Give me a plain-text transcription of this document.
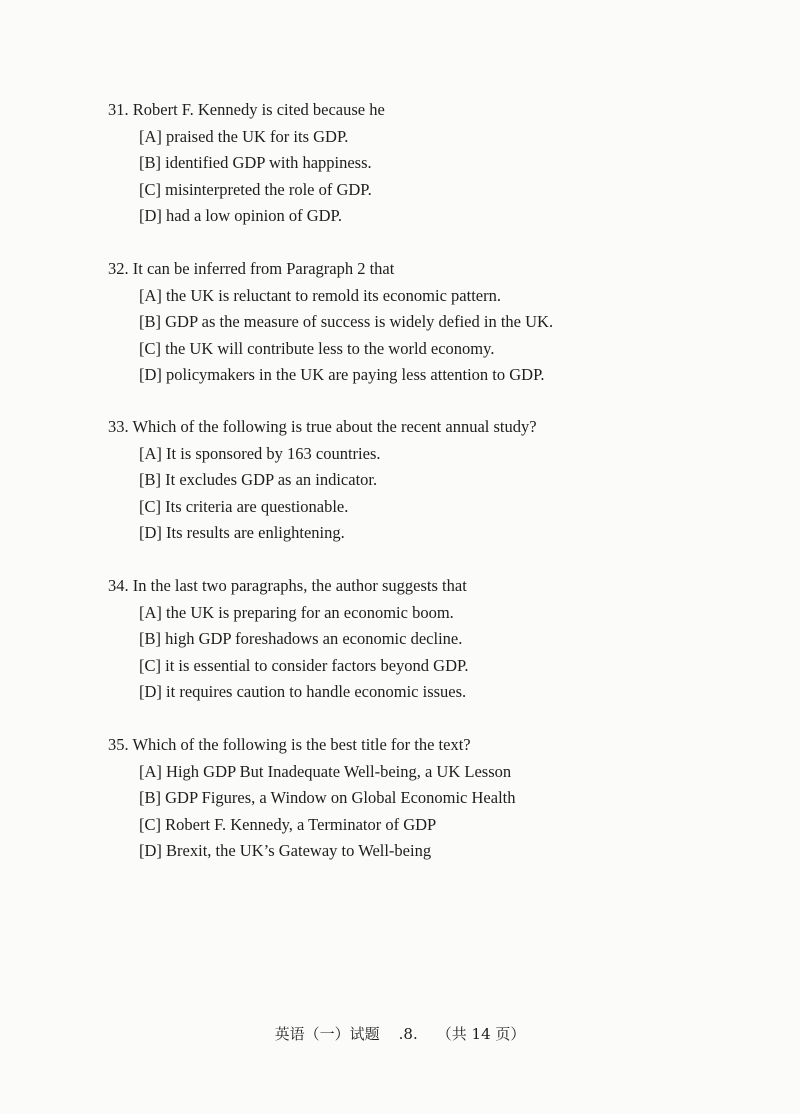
31. Robert F. Kennedy is cited because he
[A] praised the UK for its GDP.
[B] identified GDP with happiness.
[C] misinterpreted the role of GDP.
[D] had a low opinion of GDP.
32. It can be inferred from Paragraph 2 that
[A] the UK is reluctant to remold its economic pattern.
[B] GDP as the measure of success is widely defied in the UK.
[C] the UK will contribute less to the world economy.
[D] policymakers in the UK are paying less attention to GDP.
33. Which of the following is true about the recent annual study?
[A] It is sponsored by 163 countries.
[B] It excludes GDP as an indicator.
[C] Its criteria are questionable.
[D] Its results are enlightening.
34. In the last two paragraphs, the author suggests that
[A] the UK is preparing for an economic boom.
[B] high GDP foreshadows an economic decline.
[C] it is essential to consider factors beyond GDP.
[D] it requires caution to handle economic issues.
35. Which of the following is the best title for the text?
[A] High GDP But Inadequate Well-being, a UK Lesson
[B] GDP Figures, a Window on Global Economic Health
[C] Robert F. Kennedy, a Terminator of GDP
[D] Brexit, the UK’s Gateway to Well-being
英语（一）试题    .8.    （共 14 页）
